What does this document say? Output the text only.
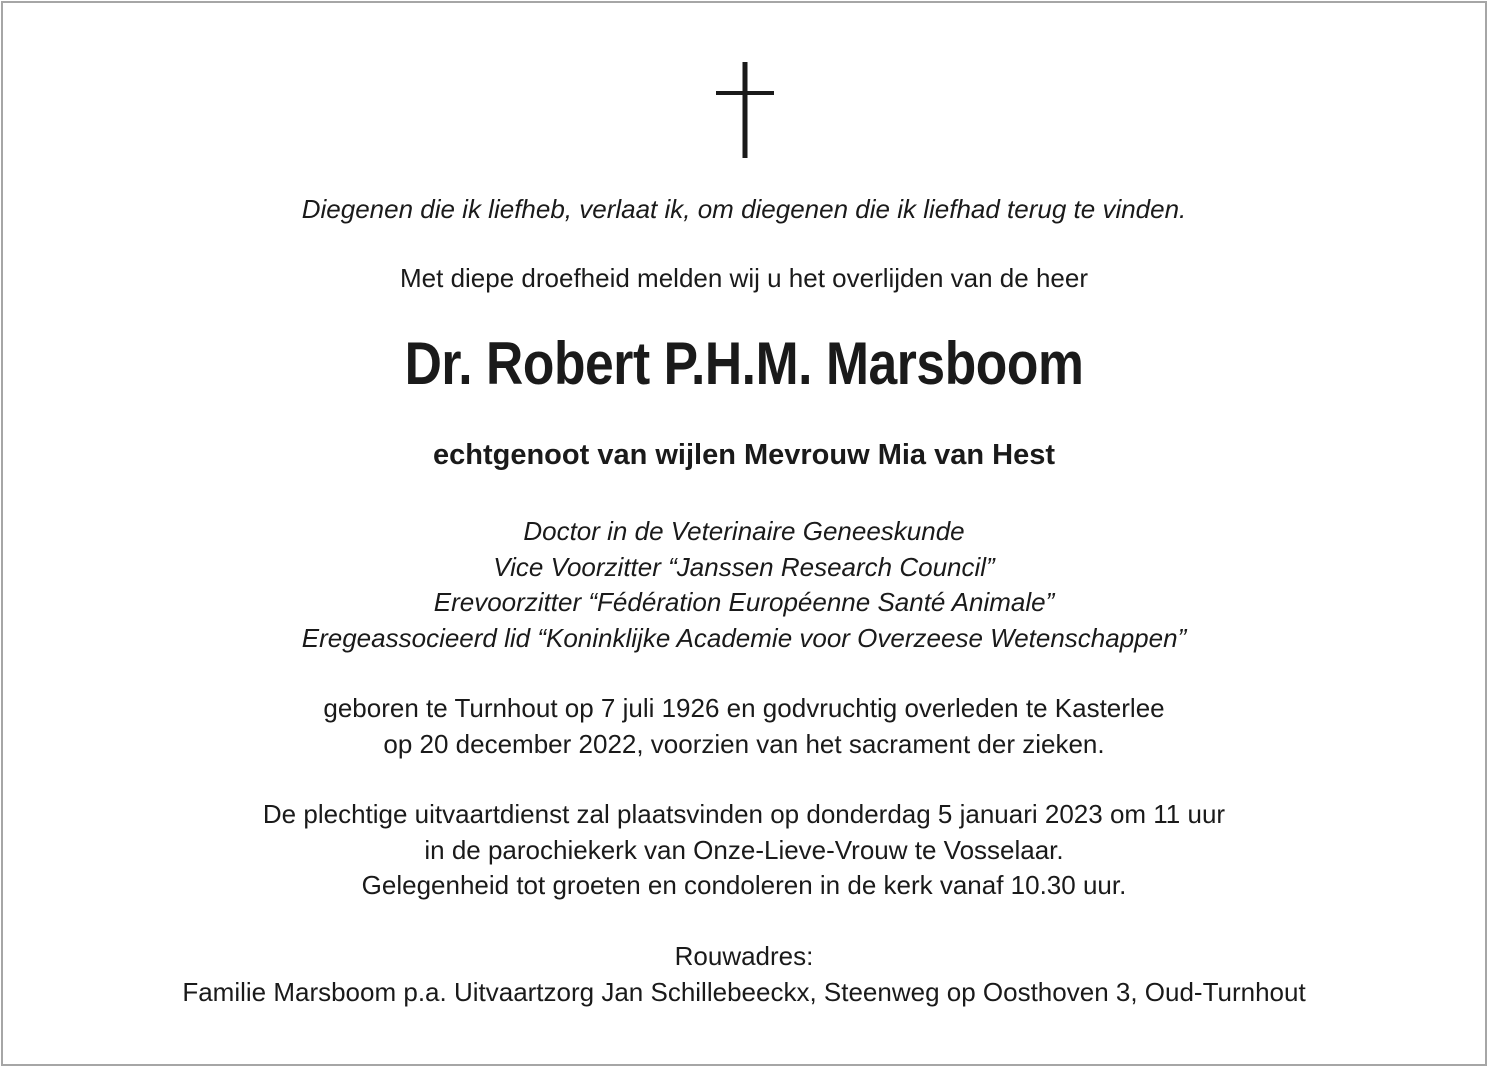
Diegenen die ik liefheb, verlaat ik, om diegenen die ik liefhad terug te vinden.

Met diepe droefheid melden wij u het overlijden van de heer

Dr. Robert P.H.M. Marsboom

echtgenoot van wijlen Mevrouw Mia van Hest

Doctor in de Veterinaire Geneeskunde
Vice Voorzitter “Janssen Research Council”
Erevoorzitter “Fédération Européenne Santé Animale”
Eregeassocieerd lid “Koninklijke Academie voor Overzeese Wetenschappen”
geboren te Turnhout op 7 juli 1926 en godvruchtig overleden te Kasterlee
op 20 december 2022, voorzien van het sacrament der zieken.
De plechtige uitvaartdienst zal plaatsvinden op donderdag 5 januari 2023 om 11 uur
in de parochiekerk van Onze-Lieve-Vrouw te Vosselaar.
Gelegenheid tot groeten en condoleren in de kerk vanaf 10.30 uur.
Rouwadres:
Familie Marsboom p.a. Uitvaartzorg Jan Schillebeeckx, Steenweg op Oosthoven 3, Oud-Turnhout
